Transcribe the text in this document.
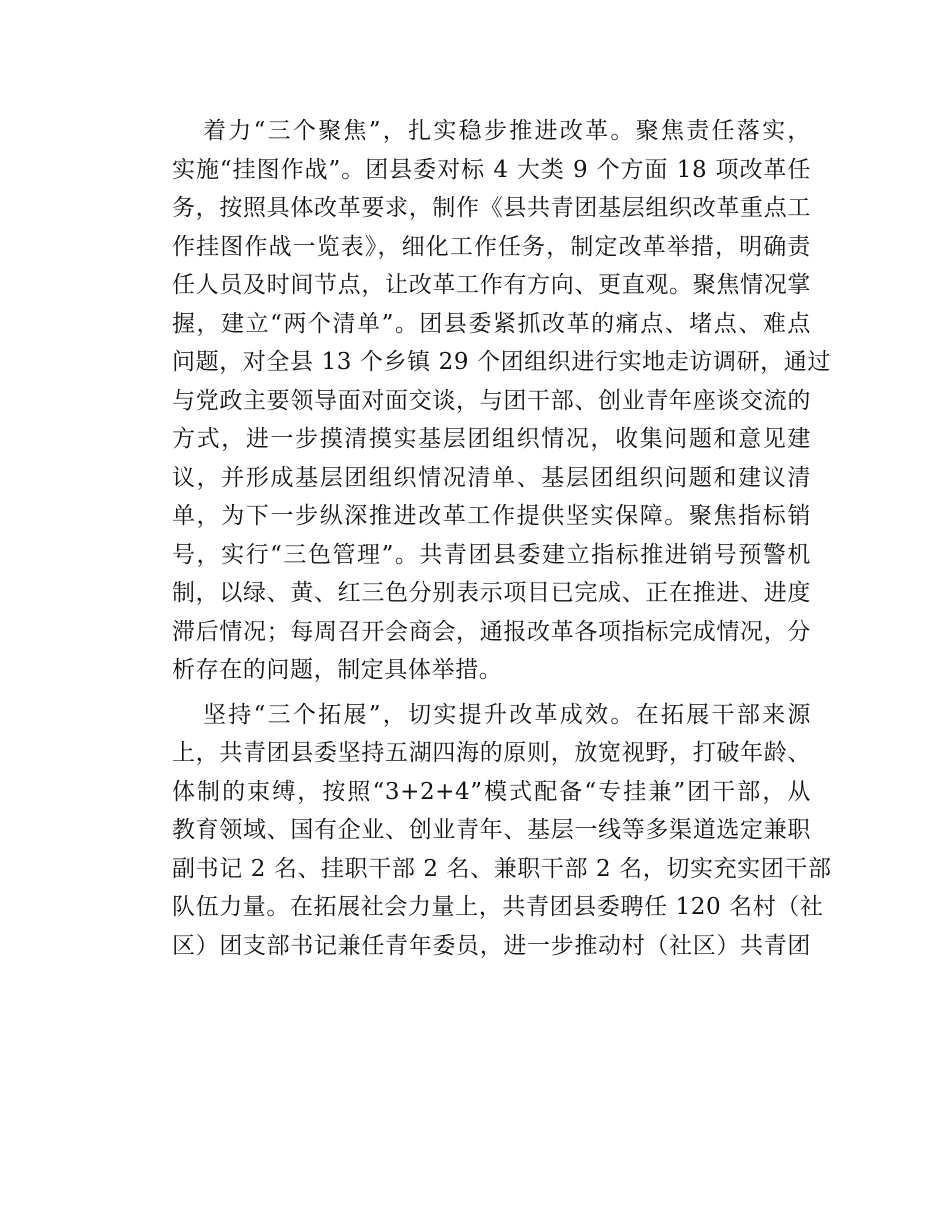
着力“三个聚焦”，扎实稳步推进改革。聚焦责任落实，
实施“挂图作战”。团县委对标 4 大类 9 个方面 18 项改革任
务，按照具体改革要求，制作《县共青团基层组织改革重点工
作挂图作战一览表》，细化工作任务，制定改革举措，明确责
任人员及时间节点，让改革工作有方向、更直观。聚焦情况掌
握，建立“两个清单”。团县委紧抓改革的痛点、堵点、难点
问题，对全县 13 个乡镇 29 个团组织进行实地走访调研，通过
与党政主要领导面对面交谈，与团干部、创业青年座谈交流的
方式，进一步摸清摸实基层团组织情况，收集问题和意见建
议，并形成基层团组织情况清单、基层团组织问题和建议清
单，为下一步纵深推进改革工作提供坚实保障。聚焦指标销
号，实行“三色管理”。共青团县委建立指标推进销号预警机
制，以绿、黄、红三色分别表示项目已完成、正在推进、进度
滞后情况；每周召开会商会，通报改革各项指标完成情况，分
析存在的问题，制定具体举措。
坚持“三个拓展”，切实提升改革成效。在拓展干部来源
上，共青团县委坚持五湖四海的原则，放宽视野，打破年龄、
体制的束缚，按照“3+2+4”模式配备“专挂兼”团干部，从
教育领域、国有企业、创业青年、基层一线等多渠道选定兼职
副书记 2 名、挂职干部 2 名、兼职干部 2 名，切实充实团干部
队伍力量。在拓展社会力量上，共青团县委聘任 120 名村（社
区）团支部书记兼任青年委员，进一步推动村（社区）共青团
